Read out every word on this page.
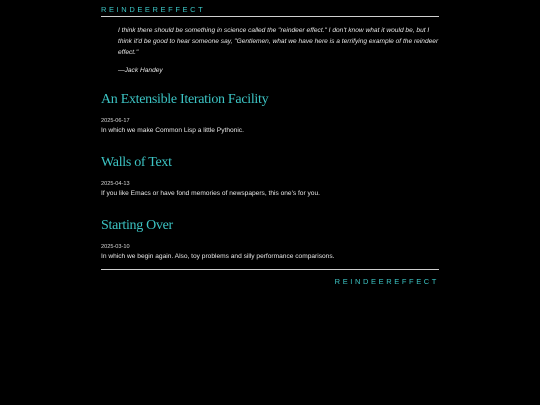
REINDEEREFFECT

I think there should be something in science called the "reindeer effect." I don't know what it would be, but I think it'd be good to hear someone say, "Gentlemen, what we have here is a terrifying example of the reindeer effect."

—Jack Handey
An Extensible Iteration Facility
2025-06-17
In which we make Common Lisp a little Pythonic.
Walls of Text
2025-04-13
If you like Emacs or have fond memories of newspapers, this one's for you.
Starting Over
2025-03-10
In which we begin again. Also, toy problems and silly performance comparisons.
REINDEEREFFECT
